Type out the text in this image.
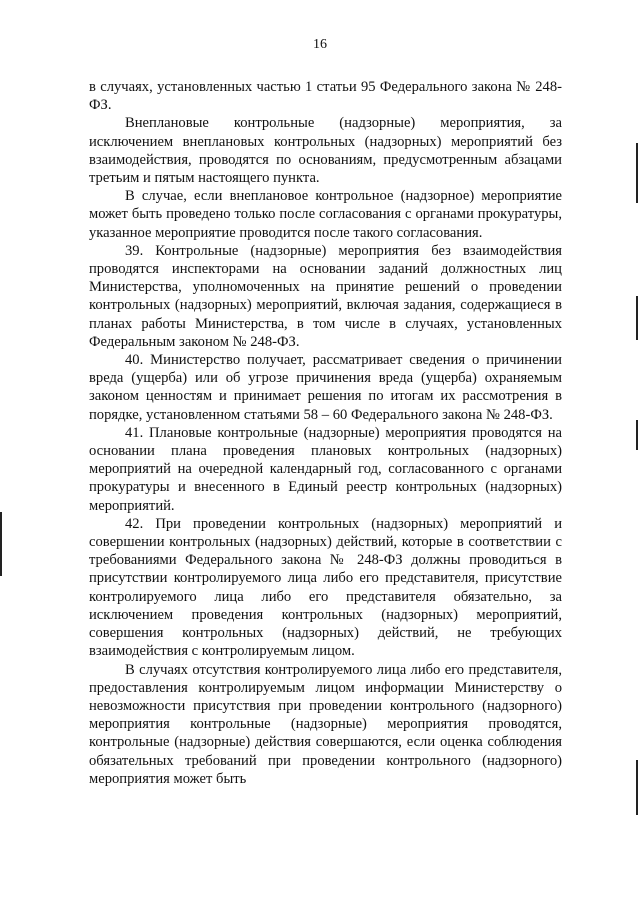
16

в случаях, установленных частью 1 статьи 95 Федерального закона № 248-ФЗ.

Внеплановые контрольные (надзорные) мероприятия, за исключением внеплановых контрольных (надзорных) мероприятий без взаимодействия, проводятся по основаниям, предусмотренным абзацами третьим и пятым настоящего пункта.

В случае, если внеплановое контрольное (надзорное) мероприятие может быть проведено только после согласования с органами прокуратуры, указанное мероприятие проводится после такого согласования.

39. Контрольные (надзорные) мероприятия без взаимодействия проводятся инспекторами на основании заданий должностных лиц Министерства, уполномоченных на принятие решений о проведении контрольных (надзорных) мероприятий, включая задания, содержащиеся в планах работы Министерства, в том числе в случаях, установленных Федеральным законом № 248-ФЗ.

40. Министерство получает, рассматривает сведения о причинении вреда (ущерба) или об угрозе причинения вреда (ущерба) охраняемым законом ценностям и принимает решения по итогам их рассмотрения в порядке, установленном статьями 58 – 60 Федерального закона № 248-ФЗ.

41. Плановые контрольные (надзорные) мероприятия проводятся на основании плана проведения плановых контрольных (надзорных) мероприятий на очередной календарный год, согласованного с органами прокуратуры и внесенного в Единый реестр контрольных (надзорных) мероприятий.

42. При проведении контрольных (надзорных) мероприятий и совершении контрольных (надзорных) действий, которые в соответствии с требованиями Федерального закона № 248-ФЗ должны проводиться в присутствии контролируемого лица либо его представителя, присутствие контролируемого лица либо его представителя обязательно, за исключением проведения контрольных (надзорных) мероприятий, совершения контрольных (надзорных) действий, не требующих взаимодействия с контролируемым лицом.

В случаях отсутствия контролируемого лица либо его представителя, предоставления контролируемым лицом информации Министерству о невозможности присутствия при проведении контрольного (надзорного) мероприятия контрольные (надзорные) мероприятия проводятся, контрольные (надзорные) действия совершаются, если оценка соблюдения обязательных требований при проведении контрольного (надзорного) мероприятия может быть
